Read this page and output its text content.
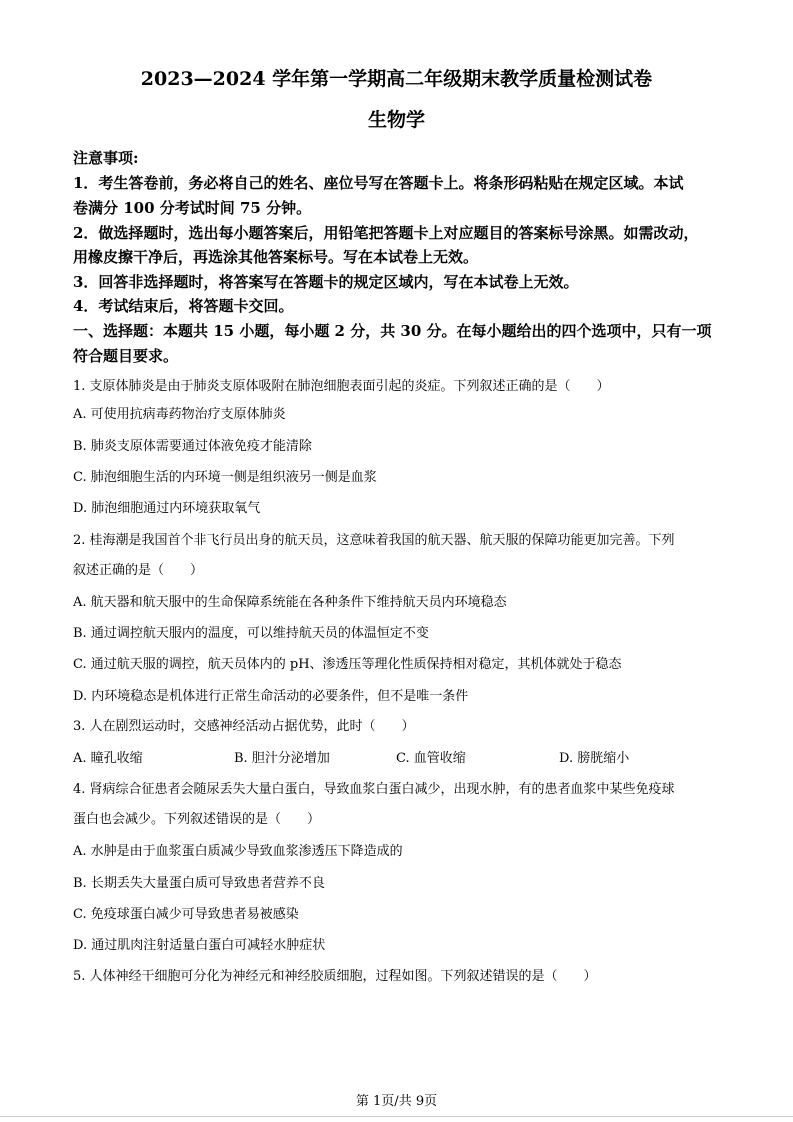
2023—2024 学年第一学期高二年级期末教学质量检测试卷
生物学
注意事项:
1．考生答卷前，务必将自己的姓名、座位号写在答题卡上。将条形码粘贴在规定区域。本试
卷满分 100 分考试时间 75 分钟。
2．做选择题时，选出每小题答案后，用铅笔把答题卡上对应题目的答案标号涂黑。如需改动，
用橡皮擦干净后，再选涂其他答案标号。写在本试卷上无效。
3．回答非选择题时，将答案写在答题卡的规定区域内，写在本试卷上无效。
4．考试结束后，将答题卡交回。
一、选择题：本题共 15 小题，每小题 2 分，共 30 分。在每小题给出的四个选项中，只有一项
符合题目要求。
1. 支原体肺炎是由于肺炎支原体吸附在肺泡细胞表面引起的炎症。下列叙述正确的是（　　）
A. 可使用抗病毒药物治疗支原体肺炎
B. 肺炎支原体需要通过体液免疫才能清除
C. 肺泡细胞生活的内环境一侧是组织液另一侧是血浆
D. 肺泡细胞通过内环境获取氧气
2. 桂海潮是我国首个非飞行员出身的航天员，这意味着我国的航天器、航天服的保障功能更加完善。下列
叙述正确的是（　　）
A. 航天器和航天服中的生命保障系统能在各种条件下维持航天员内环境稳态
B. 通过调控航天服内的温度，可以维持航天员的体温恒定不变
C. 通过航天服的调控，航天员体内的 pH、渗透压等理化性质保持相对稳定，其机体就处于稳态
D. 内环境稳态是机体进行正常生命活动的必要条件，但不是唯一条件
3. 人在剧烈运动时，交感神经活动占据优势，此时（　　）
A. 瞳孔收缩	B. 胆汁分泌增加	C. 血管收缩	D. 膀胱缩小
4. 肾病综合征患者会随尿丢失大量白蛋白，导致血浆白蛋白减少，出现水肿，有的患者血浆中某些免疫球
蛋白也会减少。下列叙述错误的是（　　）
A. 水肿是由于血浆蛋白质减少导致血浆渗透压下降造成的
B. 长期丢失大量蛋白质可导致患者营养不良
C. 免疫球蛋白减少可导致患者易被感染
D. 通过肌肉注射适量白蛋白可减轻水肿症状
5. 人体神经干细胞可分化为神经元和神经胶质细胞，过程如图。下列叙述错误的是（　　）
第 1页/共 9页
